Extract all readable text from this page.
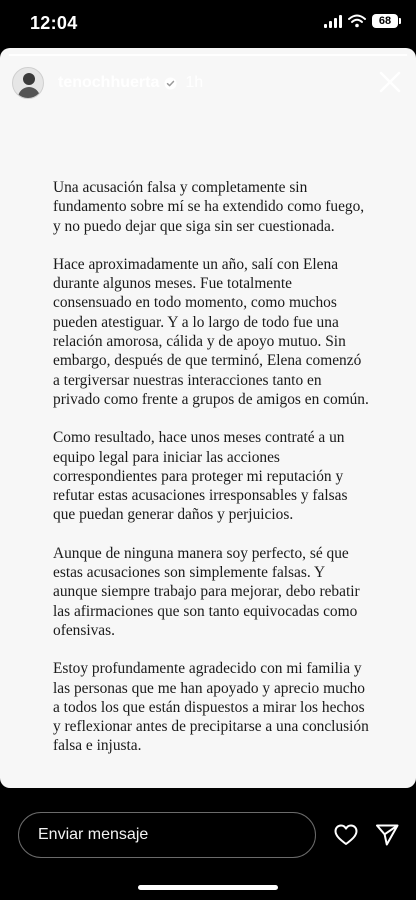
12:04	68
tenochhuerta 1h

Una acusación falsa y completamente sin fundamento sobre mí se ha extendido como fuego, y no puedo dejar que siga sin ser cuestionada.

Hace aproximadamente un año, salí con Elena durante algunos meses. Fue totalmente consensuado en todo momento, como muchos pueden atestiguar. Y a lo largo de todo fue una relación amorosa, cálida y de apoyo mutuo. Sin embargo, después de que terminó, Elena comenzó a tergiversar nuestras interacciones tanto en privado como frente a grupos de amigos en común.

Como resultado, hace unos meses contraté a un equipo legal para iniciar las acciones correspondientes para proteger mi reputación y refutar estas acusaciones irresponsables y falsas que puedan generar daños y perjuicios.

Aunque de ninguna manera soy perfecto, sé que estas acusaciones son simplemente falsas. Y aunque siempre trabajo para mejorar, debo rebatir las afirmaciones que son tanto equivocadas como ofensivas.

Estoy profundamente agradecido con mi familia y las personas que me han apoyado y aprecio mucho a todos los que están dispuestos a mirar los hechos y reflexionar antes de precipitarse a una conclusión falsa e injusta.

Enviar mensaje
